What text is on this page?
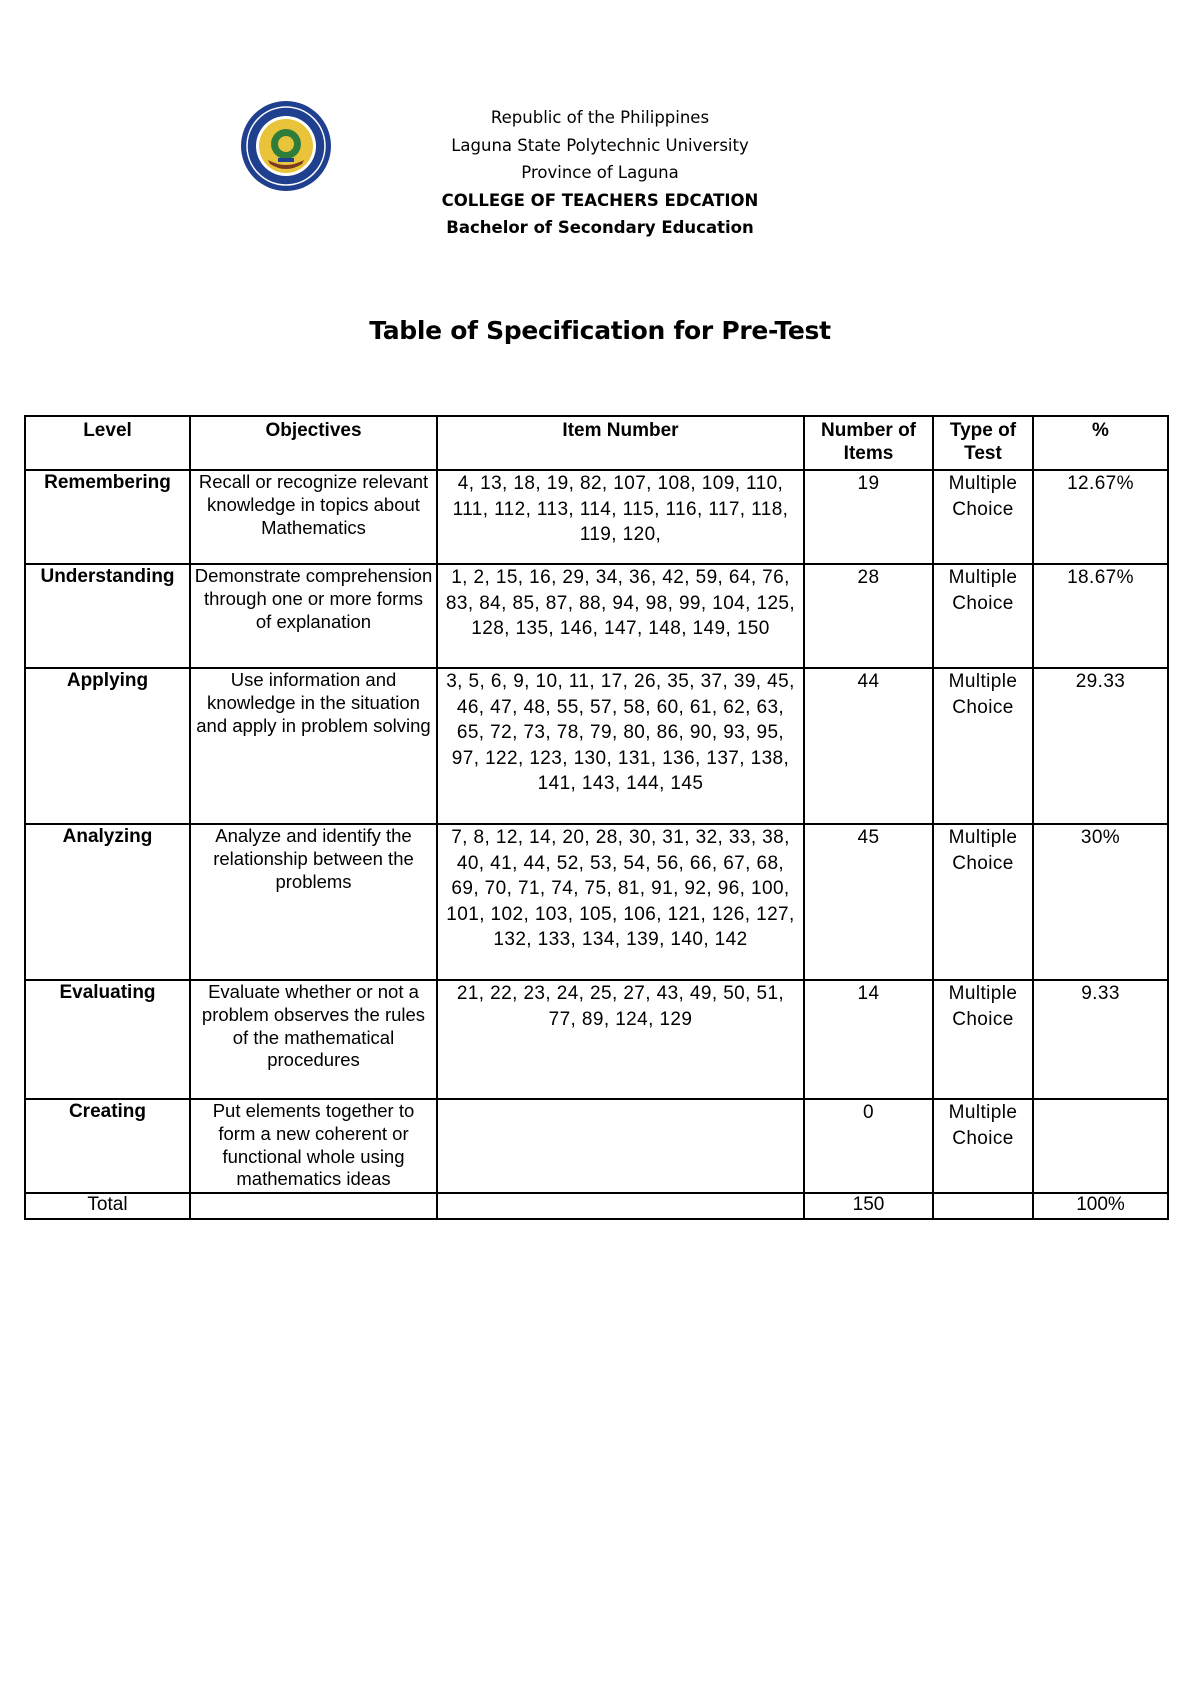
Republic of the Philippines
Laguna State Polytechnic University
Province of Laguna
COLLEGE OF TEACHERS EDCATION
Bachelor of Secondary Education
Table of Specification for Pre-Test
Level	Objectives	Item Number	Number of Items	Type of Test	%
Remembering	Recall or recognize relevant knowledge in topics about Mathematics	4, 13, 18, 19, 82, 107, 108, 109, 110, 111, 112, 113, 114, 115, 116, 117, 118, 119, 120,	19	Multiple Choice	12.67%
Understanding	Demonstrate comprehension through one or more forms of explanation	1, 2, 15, 16, 29, 34, 36, 42, 59, 64, 76, 83, 84, 85, 87, 88, 94, 98, 99, 104, 125, 128, 135, 146, 147, 148, 149, 150	28	Multiple Choice	18.67%
Applying	Use information and knowledge in the situation and apply in problem solving	3, 5, 6, 9, 10, 11, 17, 26, 35, 37, 39, 45, 46, 47, 48, 55, 57, 58, 60, 61, 62, 63, 65, 72, 73, 78, 79, 80, 86, 90, 93, 95, 97, 122, 123, 130, 131, 136, 137, 138, 141, 143, 144, 145	44	Multiple Choice	29.33
Analyzing	Analyze and identify the relationship between the problems	7, 8, 12, 14, 20, 28, 30, 31, 32, 33, 38, 40, 41, 44, 52, 53, 54, 56, 66, 67, 68, 69, 70, 71, 74, 75, 81, 91, 92, 96, 100, 101, 102, 103, 105, 106, 121, 126, 127, 132, 133, 134, 139, 140, 142	45	Multiple Choice	30%
Evaluating	Evaluate whether or not a problem observes the rules of the mathematical procedures	21, 22, 23, 24, 25, 27, 43, 49, 50, 51, 77, 89, 124, 129	14	Multiple Choice	9.33
Creating	Put elements together to form a new coherent or functional whole using mathematics ideas		0	Multiple Choice	
Total			150		100%
